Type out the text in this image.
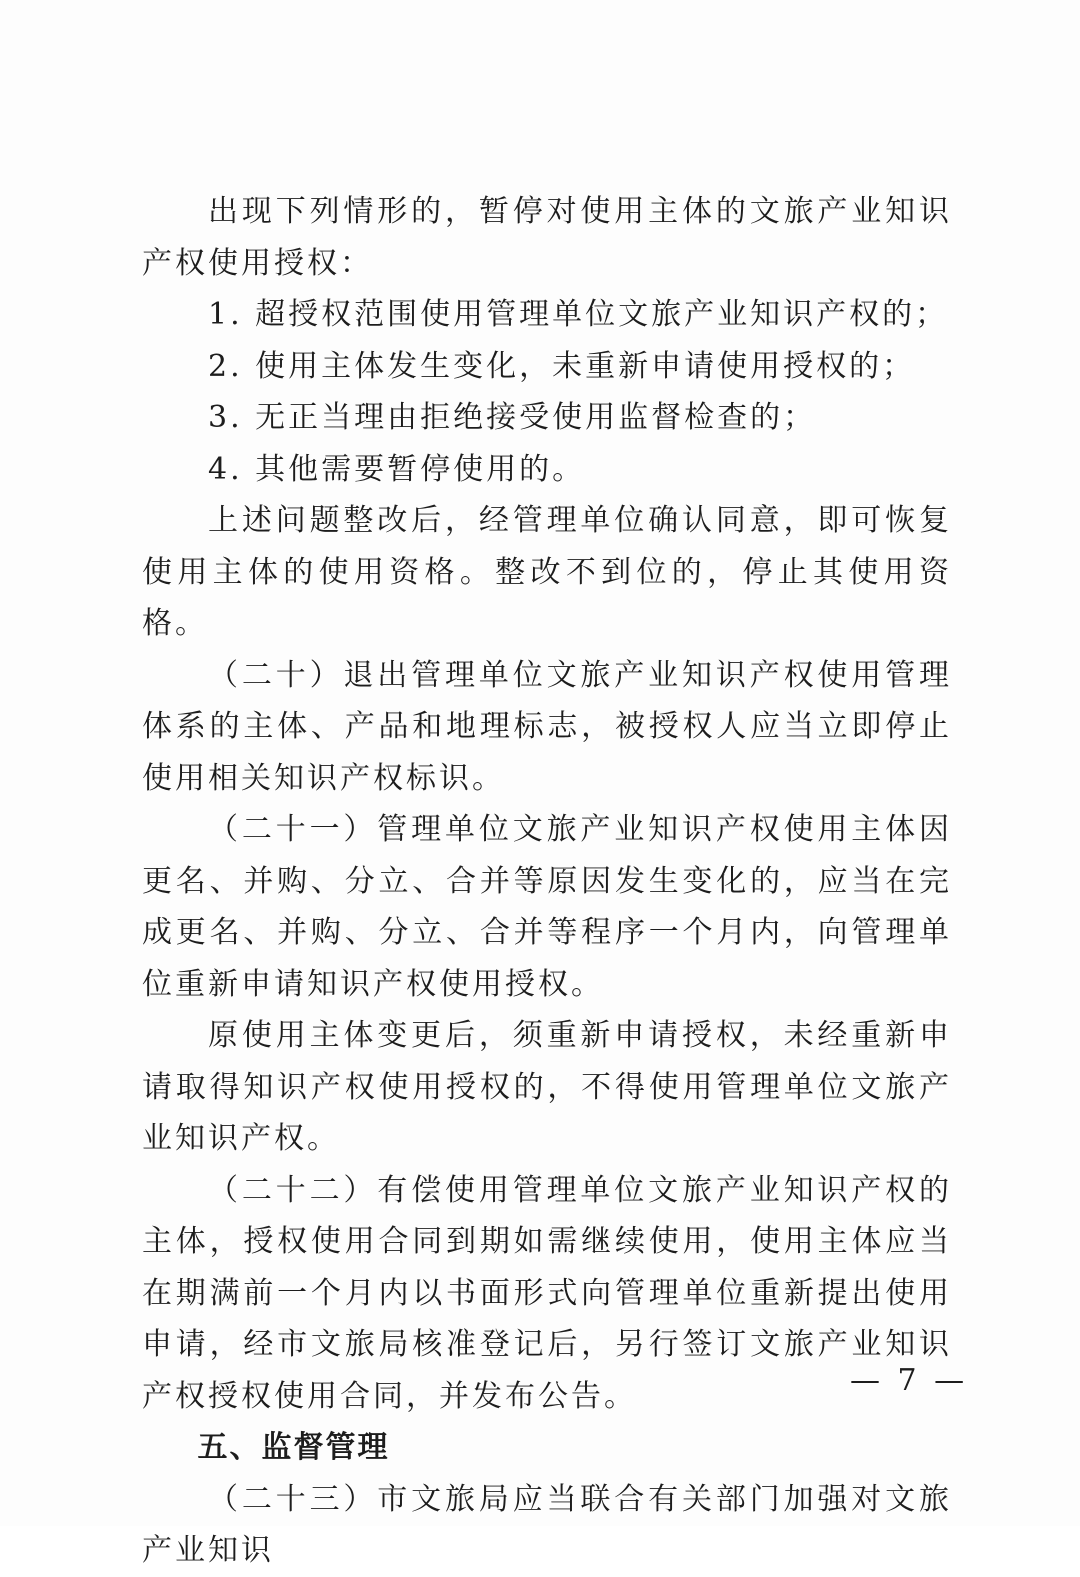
出现下列情形的，暂停对使用主体的文旅产业知识产权使用授权：

1. 超授权范围使用管理单位文旅产业知识产权的；

2. 使用主体发生变化，未重新申请使用授权的；

3. 无正当理由拒绝接受使用监督检查的；

4. 其他需要暂停使用的。

上述问题整改后，经管理单位确认同意，即可恢复使用主体的使用资格。整改不到位的，停止其使用资格。

（二十）退出管理单位文旅产业知识产权使用管理体系的主体、产品和地理标志，被授权人应当立即停止使用相关知识产权标识。

（二十一）管理单位文旅产业知识产权使用主体因更名、并购、分立、合并等原因发生变化的，应当在完成更名、并购、分立、合并等程序一个月内，向管理单位重新申请知识产权使用授权。

原使用主体变更后，须重新申请授权，未经重新申请取得知识产权使用授权的，不得使用管理单位文旅产业知识产权。

（二十二）有偿使用管理单位文旅产业知识产权的主体，授权使用合同到期如需继续使用，使用主体应当在期满前一个月内以书面形式向管理单位重新提出使用申请，经市文旅局核准登记后，另行签订文旅产业知识产权授权使用合同，并发布公告。

五、监督管理

（二十三）市文旅局应当联合有关部门加强对文旅产业知识

— 7 —
